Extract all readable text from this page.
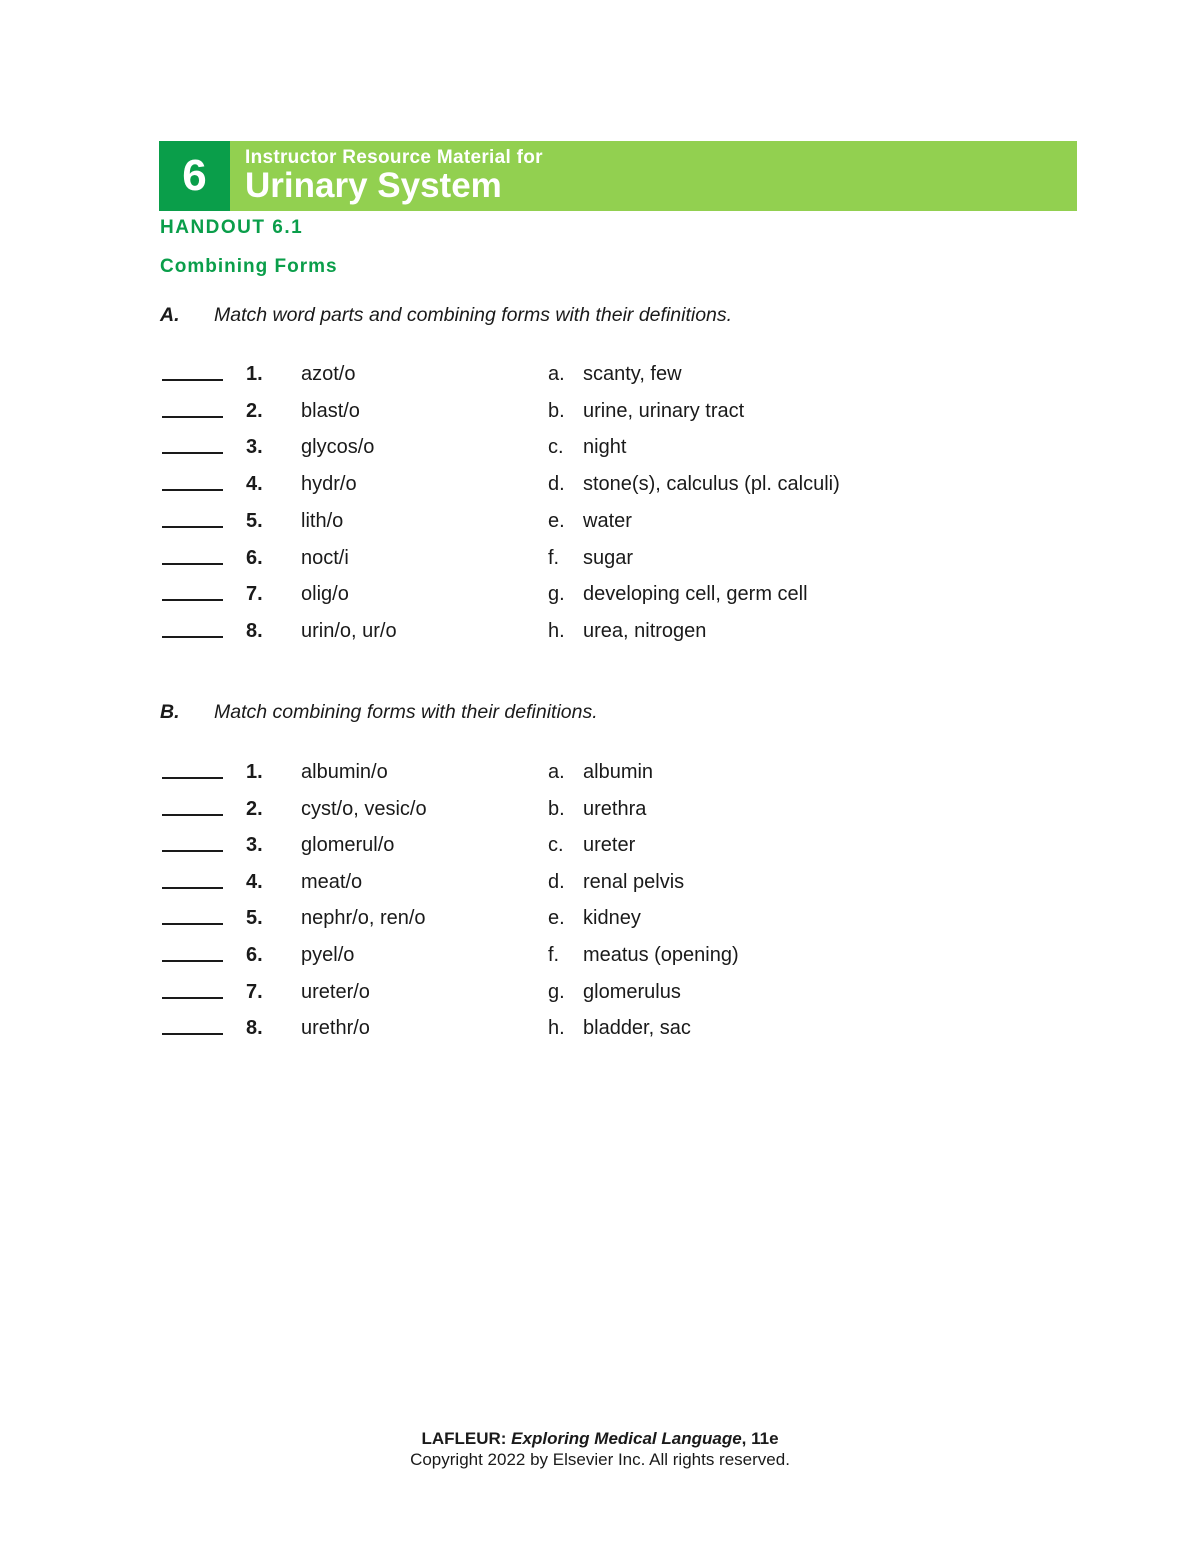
6	Instructor Resource Material for
Urinary System
HANDOUT 6.1
Combining Forms
A. Match word parts and combining forms with their definitions.
1. azot/o	a. scanty, few
2. blast/o	b. urine, urinary tract
3. glycos/o	c. night
4. hydr/o	d. stone(s), calculus (pl. calculi)
5. lith/o	e. water
6. noct/i	f. sugar
7. olig/o	g. developing cell, germ cell
8. urin/o, ur/o	h. urea, nitrogen
B. Match combining forms with their definitions.
1. albumin/o	a. albumin
2. cyst/o, vesic/o	b. urethra
3. glomerul/o	c. ureter
4. meat/o	d. renal pelvis
5. nephr/o, ren/o	e. kidney
6. pyel/o	f. meatus (opening)
7. ureter/o	g. glomerulus
8. urethr/o	h. bladder, sac
LAFLEUR: Exploring Medical Language, 11e
Copyright 2022 by Elsevier Inc. All rights reserved.
